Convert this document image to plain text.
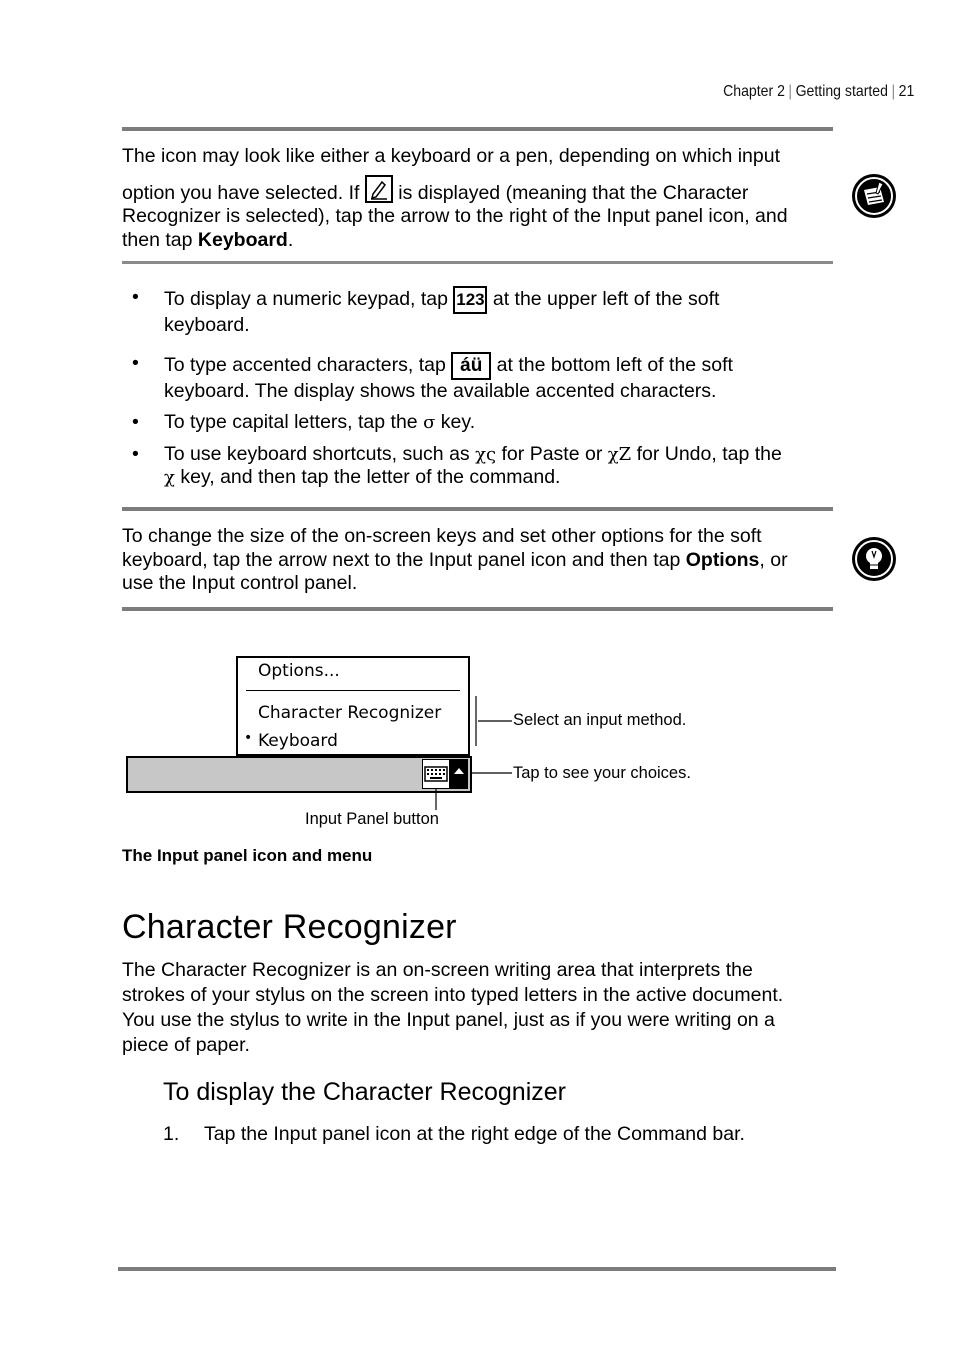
Chapter 2 | Getting started | 21
The icon may look like either a keyboard or a pen, depending on which input
option you have selected. If is displayed (meaning that the Character
Recognizer is selected), tap the arrow to the right of the Input panel icon, and
then tap Keyboard.
• To display a numeric keypad, tap 123 at the upper left of the soft
keyboard.
• To type accented characters, tap áü at the bottom left of the soft
keyboard. The display shows the available accented characters.
• To type capital letters, tap the σ key.
• To use keyboard shortcuts, such as χς for Paste or χΖ for Undo, tap the
χ key, and then tap the letter of the command.
To change the size of the on-screen keys and set other options for the soft
keyboard, tap the arrow next to the Input panel icon and then tap Options, or
use the Input control panel.
Options...
Character Recognizer
• Keyboard
Select an input method.
Tap to see your choices.
Input Panel button
The Input panel icon and menu
Character Recognizer
The Character Recognizer is an on-screen writing area that interprets the
strokes of your stylus on the screen into typed letters in the active document.
You use the stylus to write in the Input panel, just as if you were writing on a
piece of paper.
To display the Character Recognizer
1. Tap the Input panel icon at the right edge of the Command bar.
